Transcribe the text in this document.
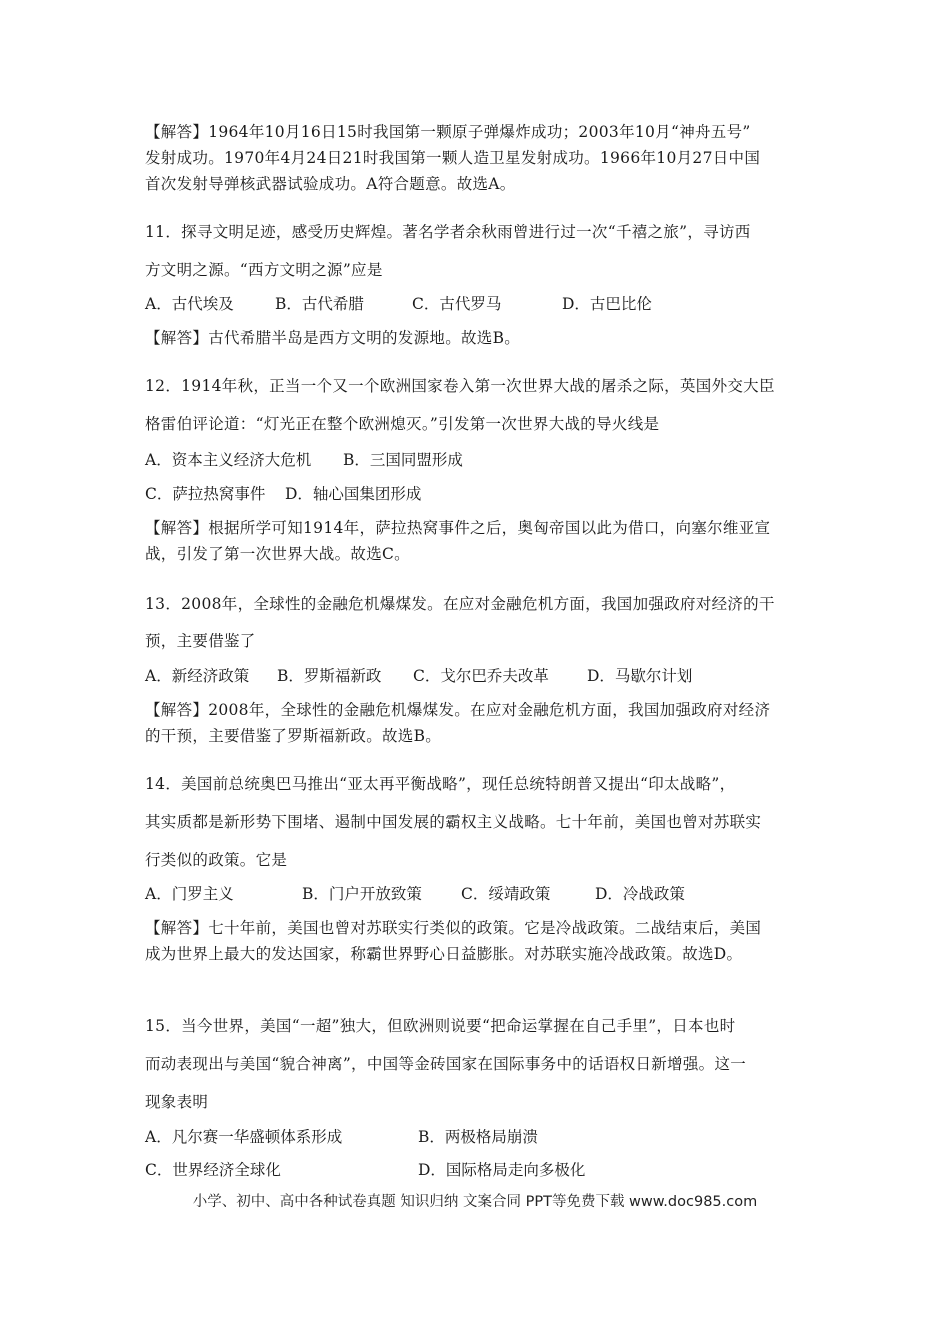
【解答】1964年10月16日15时我国第一颗原子弹爆炸成功；2003年10月“神舟五号”
发射成功。1970年4月24日21时我国第一颗人造卫星发射成功。1966年10月27日中国
首次发射导弹核武器试验成功。A符合题意。故选A。
11．探寻文明足迹，感受历史辉煌。著名学者余秋雨曾进行过一次“千禧之旅”，寻访西
方文明之源。“西方文明之源”应是
A．古代埃及	B．古代希腊	C．古代罗马	D．古巴比伦
【解答】古代希腊半岛是西方文明的发源地。故选B。
12．1914年秋，正当一个又一个欧洲国家卷入第一次世界大战的屠杀之际，英国外交大臣
格雷伯评论道：“灯光正在整个欧洲熄灭。”引发第一次世界大战的导火线是
A．资本主义经济大危机 B．三国同盟形成
C．萨拉热窝事件 D．轴心国集团形成
【解答】根据所学可知1914年，萨拉热窝事件之后，奥匈帝国以此为借口，向塞尔维亚宣
战，引发了第一次世界大战。故选C。
13．2008年，全球性的金融危机爆煤发。在应对金融危机方面，我国加强政府对经济的干
预，主要借鉴了
A．新经济政策 B．罗斯福新政 C．戈尔巴乔夫改革 D．马歇尔计划
【解答】2008年，全球性的金融危机爆煤发。在应对金融危机方面，我国加强政府对经济
的干预，主要借鉴了罗斯福新政。故选B。
14．美国前总统奥巴马推出“亚太再平衡战略”，现任总统特朗普又提出“印太战略”，
其实质都是新形势下围堵、遏制中国发展的霸权主义战略。七十年前，美国也曾对苏联实
行类似的政策。它是
A．门罗主义	B．门户开放致策	C．绥靖政策	D．冷战政策
【解答】七十年前，美国也曾对苏联实行类似的政策。它是冷战政策。二战结束后，美国
成为世界上最大的发达国家，称霸世界野心日益膨胀。对苏联实施冷战政策。故选D。
15．当今世界，美国“一超”独大，但欧洲则说要“把命运掌握在自己手里”，日本也时
而动表现出与美国“貌合神离”，中国等金砖国家在国际事务中的话语权日新增强。这一
现象表明
A．凡尔赛一华盛顿体系形成	B．两极格局崩溃
C．世界经济全球化	D．国际格局走向多极化
小学、初中、高中各种试卷真题 知识归纳 文案合同 PPT等免费下载 www.doc985.com
